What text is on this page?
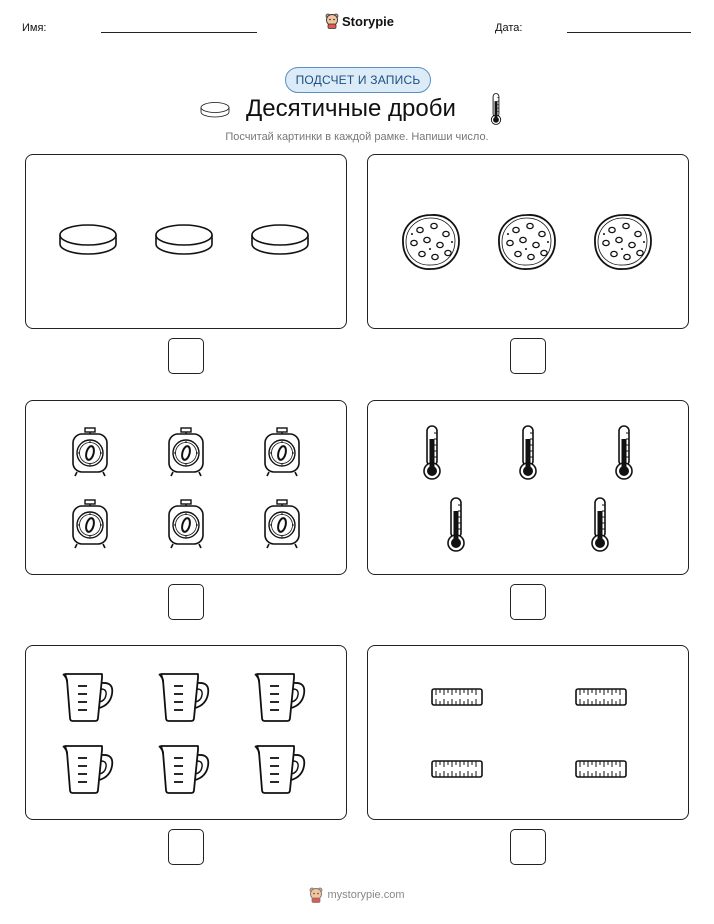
Имя:	Storypie	Дата:
ПОДСЧЕТ И ЗАПИСЬ
Десятичные дроби
Посчитай картинки в каждой рамке. Напиши число.
mystorypie.com
